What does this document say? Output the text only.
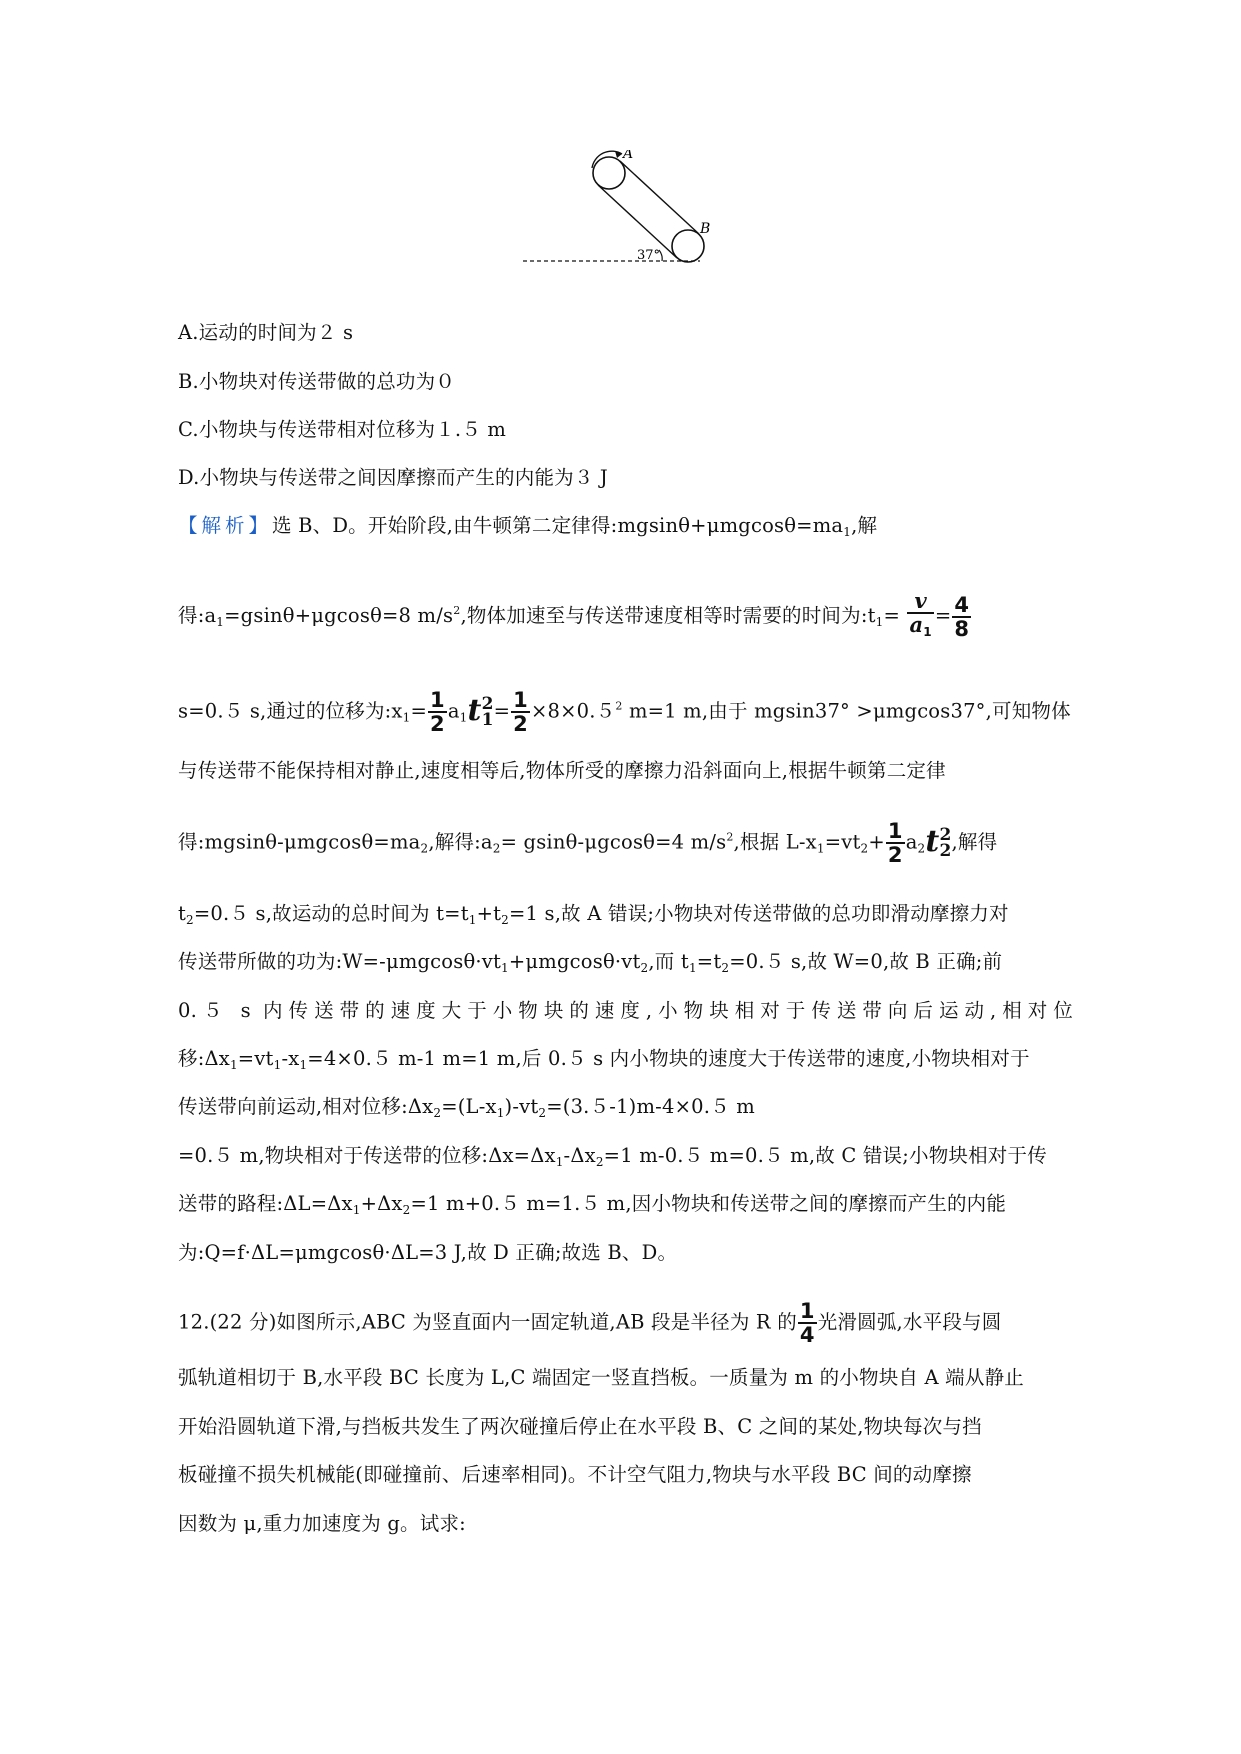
A
B
37°
A.运动的时间为２ s
B.小物块对传送带做的总功为０
C.小物块与传送带相对位移为１.５ m
D.小物块与传送带之间因摩擦而产生的内能为３ J
【解析】选 B、D。开始阶段,由牛顿第二定律得$:mgsin\theta+\mu mgcos\theta=ma_1$,解
得$:a_1=gsin\theta+\mu gcos\theta=8$ $m/s^2$,物体加速至与传送带速度相等时需要的时间为$:t_1= \frac{v}{a_1} = \frac{4}{8}$
s=0.５ s,通过的位移为$:x_1= \frac{1}{2} a_1t$ 2
$1 = \frac{1}{2} \times 8\times 0.5^2$ m=1 m,由于 mgsin37° >μmgcos37°,可知物体
与传送带不能保持相对静止,速度相等后,物体所受的摩擦力沿斜面向上,根据牛顿第二定律
得$:mgsin\theta-\mu mgcos\theta=ma_2$,解得$:a_2= gsin\theta-\mu gcos\theta=4$ $m/s^2$,根据 $L-x_1=vt_2+ \frac{1}{2} a_2t$ 2
2 ,解得
$t_2=0.5$ s,故运动的总时间为 $t=t_1+t_2=1$ s,故 A 错误;小物块对传送带做的总功即滑动摩擦力对
传送带所做的功为$:W=-\mu mgcos\theta\cdot vt_1+\mu mgcos\theta\cdot vt_2$,而 $t_1=t_2=0.5$ s,故 W=0,故 B 正确;前
0.５ s 内传送带的速度大于小物块的速度,小物块相对于传送带向后运动,相对位
移$:\Delta x_1=vt_1-x_1=4\times 0.5$ m-1 m=1 m,后 0.５ s 内小物块的速度大于传送带的速度,小物块相对于
传送带向前运动,相对位移$:\Delta x_2=(L-x_1)-vt_2=(3.5-1)m-4\times 0.5$ m
=0.５ m,物块相对于传送带的位移$:\Delta x=\Delta x_1-\Delta x_2=1$ m-0.５ m=0.５ m,故 C 错误;小物块相对于传
送带的路程$:\Delta L=\Delta x_1+\Delta x_2=1$ m+0.５ m=1.５ m,因小物块和传送带之间的摩擦而产生的内能
为:Q=f·ΔL=μmgcosθ·ΔL=3 J,故 D 正确;故选 B、D。
12.(22 分)如图所示,ABC 为竖直面内一固定轨道,AB 段是半径为 R 的 $\frac{1}{4}$ 光滑圆弧,水平段与圆
弧轨道相切于 B,水平段 BC 长度为 L,C 端固定一竖直挡板。一质量为 m 的小物块自 A 端从静止
开始沿圆轨道下滑,与挡板共发生了两次碰撞后停止在水平段 B、C 之间的某处,物块每次与挡
板碰撞不损失机械能(即碰撞前、后速率相同)。不计空气阻力,物块与水平段 BC 间的动摩擦
因数为 μ,重力加速度为 g。试求:
